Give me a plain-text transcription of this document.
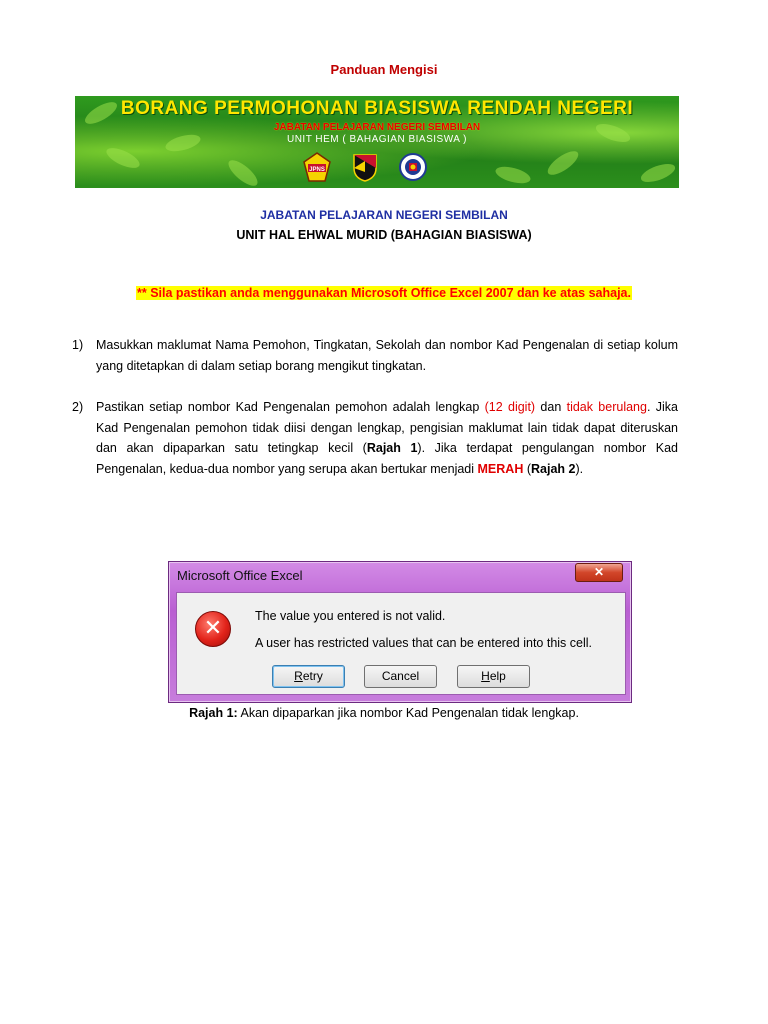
Panduan Mengisi
BORANG PERMOHONAN BIASISWA RENDAH NEGERI
JABATAN PELAJARAN NEGERI SEMBILAN
UNIT HEM ( BAHAGIAN BIASISWA )
JPNS
JABATAN PELAJARAN NEGERI SEMBILAN
UNIT HAL EHWAL MURID (BAHAGIAN BIASISWA)
** Sila pastikan anda menggunakan Microsoft Office Excel 2007 dan ke atas sahaja.
1) Masukkan maklumat Nama Pemohon, Tingkatan, Sekolah dan nombor Kad Pengenalan di setiap kolum yang ditetapkan di dalam setiap borang mengikut tingkatan.
2) Pastikan setiap nombor Kad Pengenalan pemohon adalah lengkap (12 digit) dan tidak berulang. Jika Kad Pengenalan pemohon tidak diisi dengan lengkap, pengisian maklumat lain tidak dapat diteruskan dan akan dipaparkan satu tetingkap kecil (Rajah 1). Jika terdapat pengulangan nombor Kad Pengenalan, kedua-dua nombor yang serupa akan bertukar menjadi MERAH (Rajah 2).
Microsoft Office Excel	✕
✕	The value you entered is not valid.
A user has restricted values that can be entered into this cell.
Retry	Cancel	Help
Rajah 1: Akan dipaparkan jika nombor Kad Pengenalan tidak lengkap.
